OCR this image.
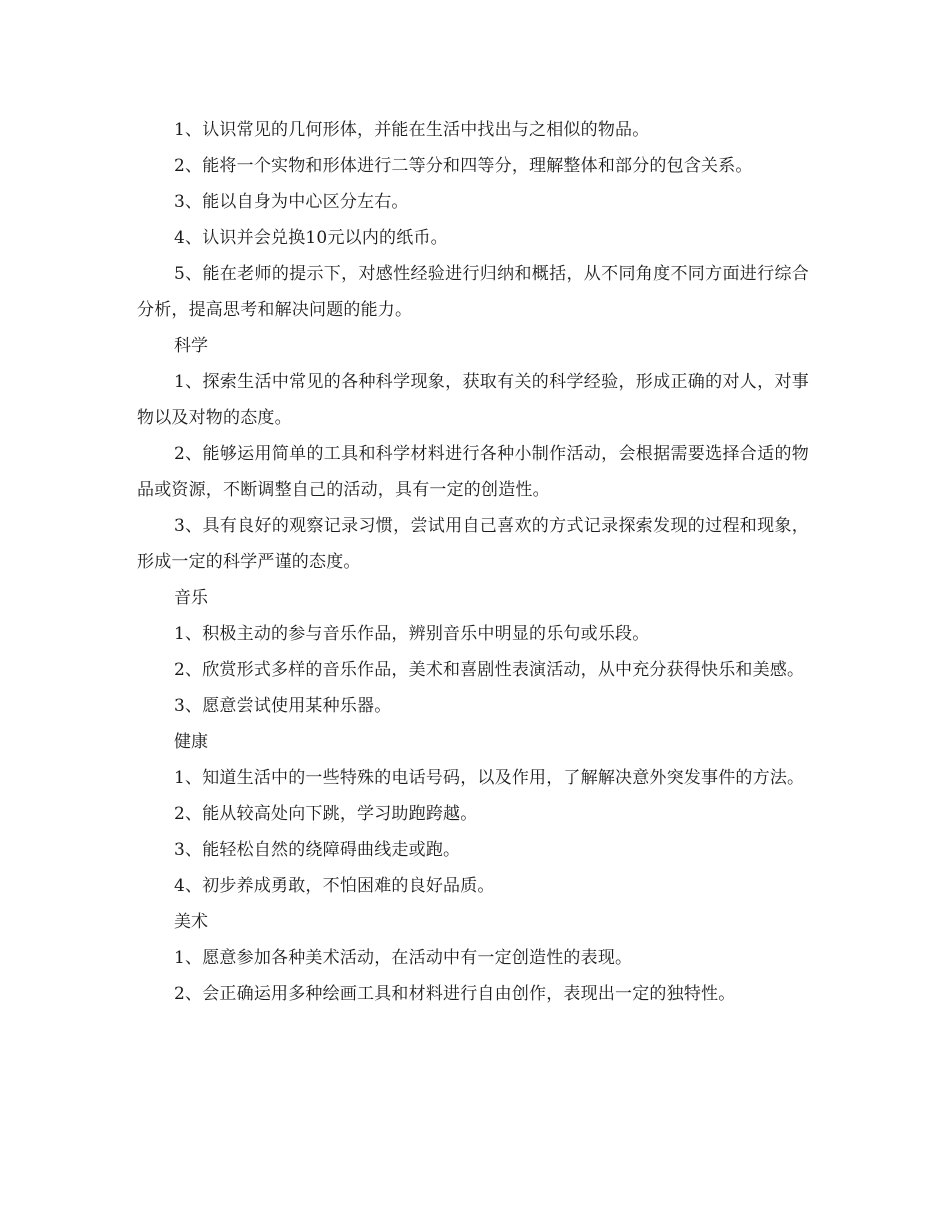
1、认识常见的几何形体，并能在生活中找出与之相似的物品。

2、能将一个实物和形体进行二等分和四等分，理解整体和部分的包含关系。

3、能以自身为中心区分左右。

4、认识并会兑换10元以内的纸币。

5、能在老师的提示下，对感性经验进行归纳和概括，从不同角度不同方面进行综合分析，提高思考和解决问题的能力。

科学

1、探索生活中常见的各种科学现象，获取有关的科学经验，形成正确的对人，对事物以及对物的态度。

2、能够运用简单的工具和科学材料进行各种小制作活动，会根据需要选择合适的物品或资源，不断调整自己的活动，具有一定的创造性。

3、具有良好的观察记录习惯，尝试用自己喜欢的方式记录探索发现的过程和现象，形成一定的科学严谨的态度。

音乐

1、积极主动的参与音乐作品，辨别音乐中明显的乐句或乐段。

2、欣赏形式多样的音乐作品，美术和喜剧性表演活动，从中充分获得快乐和美感。

3、愿意尝试使用某种乐器。

健康

1、知道生活中的一些特殊的电话号码，以及作用，了解解决意外突发事件的方法。

2、能从较高处向下跳，学习助跑跨越。

3、能轻松自然的绕障碍曲线走或跑。

4、初步养成勇敢，不怕困难的良好品质。

美术

1、愿意参加各种美术活动，在活动中有一定创造性的表现。

2、会正确运用多种绘画工具和材料进行自由创作，表现出一定的独特性。
